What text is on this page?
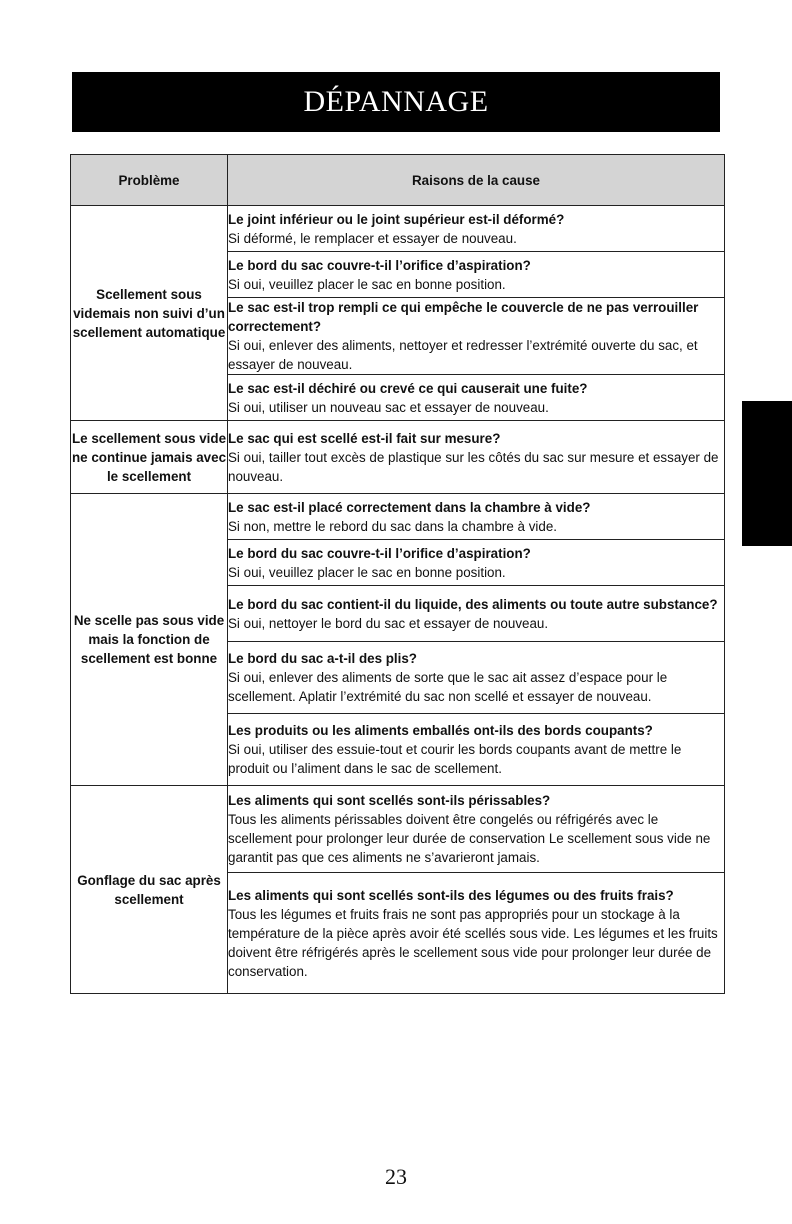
DÉPANNAGE
Problème	Raisons de la cause
Scellement sous videmais non suivi d’un scellement automatique	Le joint inférieur ou le joint supérieur est-il déformé?
Si déformé, le remplacer et essayer de nouveau.

	Le bord du sac couvre-t-il l’orifice d’aspiration?
Si oui, veuillez placer le sac en bonne position.

	Le sac est-il trop rempli ce qui empêche le couvercle de ne pas verrouiller correctement?
Si oui, enlever des aliments, nettoyer et redresser l’extrémité ouverte du sac, et essayer de nouveau.

	Le sac est-il déchiré ou crevé ce qui causerait une fuite?
Si oui, utiliser un nouveau sac et essayer de nouveau.

Le scellement sous vide ne continue jamais avec le scellement	Le sac qui est scellé est-il fait sur mesure?
Si oui, tailler tout excès de plastique sur les côtés du sac sur mesure et essayer de nouveau.

Ne scelle pas sous vide mais la fonction de scellement est bonne	Le sac est-il placé correctement dans la chambre à vide?
Si non, mettre le rebord du sac dans la chambre à vide.

	Le bord du sac couvre-t-il l’orifice d’aspiration?
Si oui, veuillez placer le sac en bonne position.

	Le bord du sac contient-il du liquide, des aliments ou toute autre substance?
Si oui, nettoyer le bord du sac et essayer de nouveau.

	Le bord du sac a-t-il des plis?
Si oui, enlever des aliments de sorte que le sac ait assez d’espace pour le scellement. Aplatir l’extrémité du sac non scellé et essayer de nouveau.

	Les produits ou les aliments emballés ont-ils des bords coupants?
Si oui, utiliser des essuie-tout et courir les bords coupants avant de mettre le produit ou l’aliment dans le sac de scellement.

Gonflage du sac après scellement	Les aliments qui sont scellés sont-ils périssables?
Tous les aliments périssables doivent être congelés ou réfrigérés avec le scellement pour prolonger leur durée de conservation Le scellement sous vide ne garantit pas que ces aliments ne s’avarieront jamais.

	Les aliments qui sont scellés sont-ils des légumes ou des fruits frais?
Tous les légumes et fruits frais ne sont pas appropriés pour un stockage à la température de la pièce après avoir été scellés sous vide. Les légumes et les fruits doivent être réfrigérés après le scellement sous vide pour prolonger leur durée de conservation.
23
